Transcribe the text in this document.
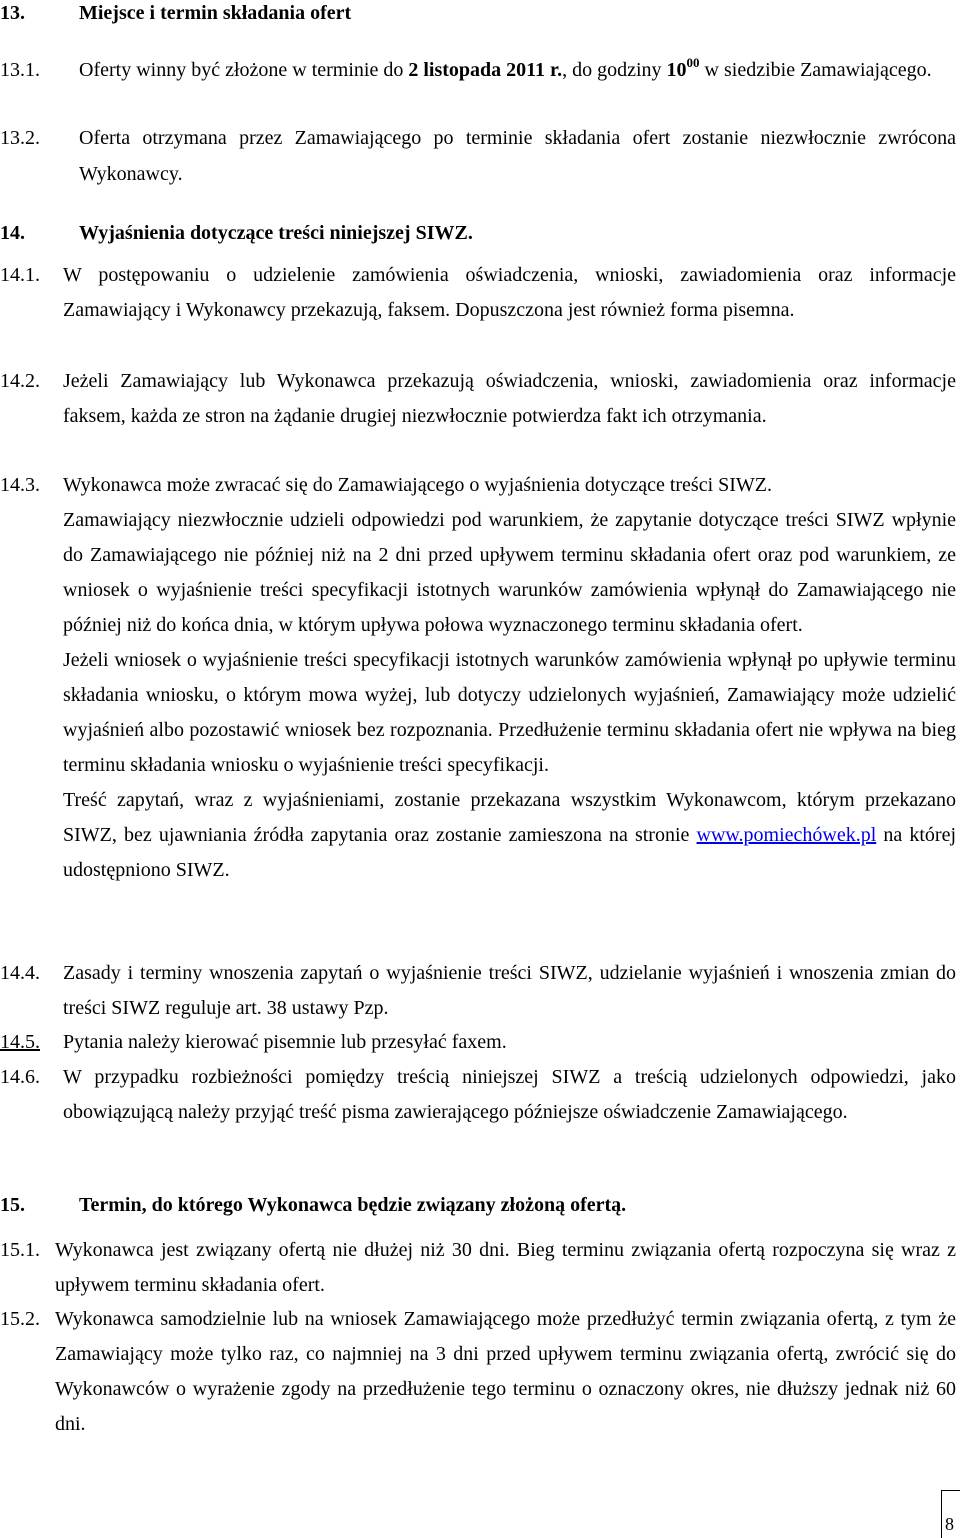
13.	Miejsce i termin składania ofert
13.1. Oferty winny być złożone w terminie do 2 listopada 2011 r., do godziny $10^{00}$ w siedzibie Zamawiającego.

13.2. Oferta otrzymana przez Zamawiającego po terminie składania ofert zostanie niezwłocznie zwrócona Wykonawcy.

14.	Wyjaśnienia dotyczące treści niniejszej SIWZ.
14.1. W postępowaniu o udzielenie zamówienia oświadczenia, wnioski, zawiadomienia oraz informacje Zamawiający i Wykonawcy przekazują, faksem. Dopuszczona jest również forma pisemna.

14.2. Jeżeli Zamawiający lub Wykonawca przekazują oświadczenia, wnioski, zawiadomienia oraz informacje faksem, każda ze stron na żądanie drugiej niezwłocznie potwierdza fakt ich otrzymania.

14.3. Wykonawca może zwracać się do Zamawiającego o wyjaśnienia dotyczące treści SIWZ.

Zamawiający niezwłocznie udzieli odpowiedzi pod warunkiem, że zapytanie dotyczące treści SIWZ wpłynie do Zamawiającego nie później niż na 2 dni przed upływem terminu składania ofert oraz pod warunkiem, ze wniosek o wyjaśnienie treści specyfikacji istotnych warunków zamówienia wpłynął do Zamawiającego nie później niż do końca dnia, w którym upływa połowa wyznaczonego terminu składania ofert.

Jeżeli wniosek o wyjaśnienie treści specyfikacji istotnych warunków zamówienia wpłynął po upływie terminu składania wniosku, o którym mowa wyżej, lub dotyczy udzielonych wyjaśnień, Zamawiający może udzielić wyjaśnień albo pozostawić wniosek bez rozpoznania. Przedłużenie terminu składania ofert nie wpływa na bieg terminu składania wniosku o wyjaśnienie treści specyfikacji.

Treść zapytań, wraz z wyjaśnieniami, zostanie przekazana wszystkim Wykonawcom, którym przekazano SIWZ, bez ujawniania źródła zapytania oraz zostanie zamieszona na stronie www.pomiechówek.pl na której udostępniono SIWZ.

14.4. Zasady i terminy wnoszenia zapytań o wyjaśnienie treści SIWZ, udzielanie wyjaśnień i wnoszenia zmian do treści SIWZ reguluje art. 38 ustawy Pzp.

14.5. Pytania należy kierować pisemnie lub przesyłać faxem.

14.6. W przypadku rozbieżności pomiędzy treścią niniejszej SIWZ a treścią udzielonych odpowiedzi, jako obowiązującą należy przyjąć treść pisma zawierającego późniejsze oświadczenie Zamawiającego.

15.	Termin, do którego Wykonawca będzie związany złożoną ofertą.
15.1. Wykonawca jest związany ofertą nie dłużej niż 30 dni. Bieg terminu związania ofertą rozpoczyna się wraz z upływem terminu składania ofert.

15.2. Wykonawca samodzielnie lub na wniosek Zamawiającego może przedłużyć termin związania ofertą, z tym że Zamawiający może tylko raz, co najmniej na 3 dni przed upływem terminu związania ofertą, zwrócić się do Wykonawców o wyrażenie zgody na przedłużenie tego terminu o oznaczony okres, nie dłuższy jednak niż 60 dni.

8
